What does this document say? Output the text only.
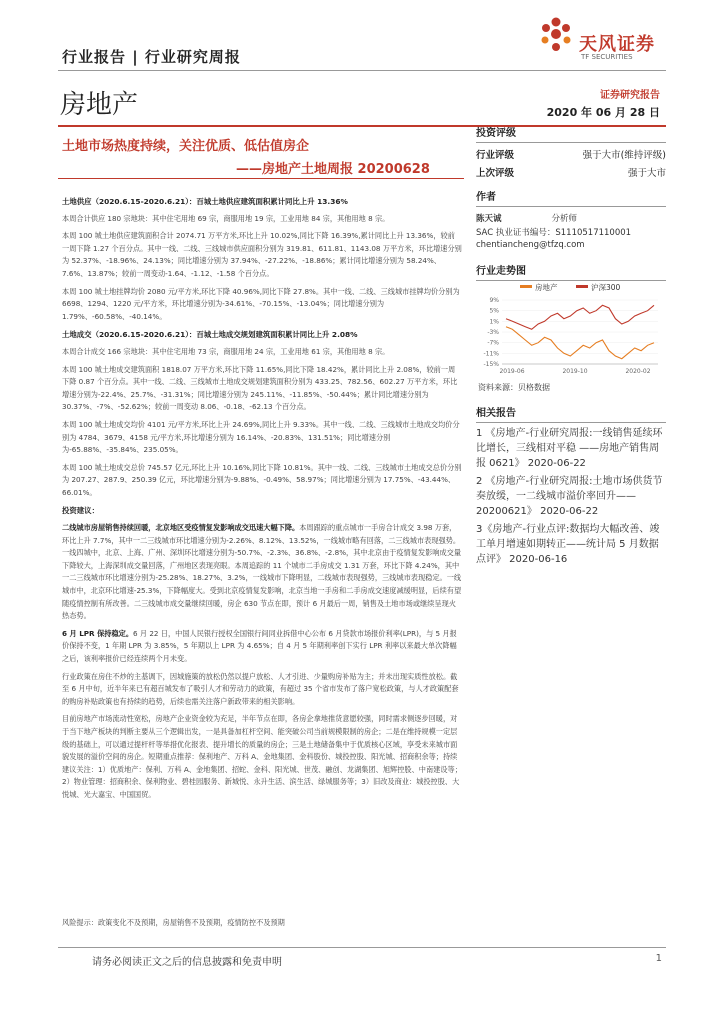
行业报告 | 行业研究周报
天风证券
TF SECURITIES
房地产	证券研究报告
2020 年 06 月 28 日
土地市场热度持续，关注优质、低估值房企
——房地产土地周报 20200628
土地供应（2020.6.15-2020.6.21）：百城土地供应建筑面积累计同比上升 13.36%

本周合计供应 180 宗地块：其中住宅用地 69 宗，商服用地 19 宗，工业用地 84 宗，其他用地 8 宗。

本周 100 城土地供应建筑面积合计 2074.71 万平方米,环比上升 10.02%,同比下降 16.39%,累计同比上升 13.36%，较前一周下降 1.27 个百分点。其中一线、二线、三线城市供应面积分别为 319.81、611.81、1143.08 万平方米，环比增速分别为 52.37%、-18.96%、24.13%；同比增速分别为 37.94%、-27.22%、-18.86%；累计同比增速分别为 58.24%、7.6%、13.87%；较前一周变动-1.64、-1.12、-1.58 个百分点。

本周 100 城土地挂牌均价 2080 元/平方米,环比下降 40.96%,同比下降 27.8%。其中一线、二线、三线城市挂牌均价分别为 6698、1294、1220 元/平方米，环比增速分别为-34.61%、-70.15%、-13.04%；同比增速分别为 1.79%、-60.58%、-40.14%。

土地成交（2020.6.15-2020.6.21）：百城土地成交规划建筑面积累计同比上升 2.08%

本周合计成交 166 宗地块：其中住宅用地 73 宗，商服用地 24 宗，工业用地 61 宗，其他用地 8 宗。

本周 100 城土地成交建筑面积 1818.07 万平方米,环比下降 11.65%,同比下降 18.42%，累计同比上升 2.08%，较前一周下降 0.87 个百分点。其中一线、二线、三线城市土地成交规划建筑面积分别为 433.25、782.56、602.27 万平方米，环比增速分别为-22.4%、25.7%、-31.31%；同比增速分别为 245.11%、-11.85%、-50.44%；累计同比增速分别为 30.37%、-7%、-52.62%；较前一周变动 8.06、-0.18、-62.13 个百分点。

本周 100 城土地成交均价 4101 元/平方米,环比上升 24.69%,同比上升 9.33%。其中一线、二线、三线城市土地成交均价分别为 4784、3679、4158 元/平方米,环比增速分别为 16.14%、-20.83%、131.51%；同比增速分别为-65.88%、-35.84%、235.05%。

本周 100 城土地成交总价 745.57 亿元,环比上升 10.16%,同比下降 10.81%。其中一线、二线、三线城市土地成交总价分别为 207.27、287.9、250.39 亿元，环比增速分别为-9.88%、-0.49%、58.97%；同比增速分别为 17.75%、-43.44%、66.01%。

投资建议：

二线城市房屋销售持续回暖，北京地区受疫情复发影响成交迅速大幅下降。本周跟踪的重点城市一手房合计成交 3.98 万套，环比上升 7.7%，其中一二三线城市环比增速分别为-2.26%、8.12%、13.52%，一线城市略有回落，二三线城市表现强势。一线四城中，北京、上海、广州、深圳环比增速分别为-50.7%、-2.3%、36.8%、-2.8%，其中北京由于疫情复发影响成交量下降较大，上海深圳成交量回落，广州地区表现亮眼。本周追踪的 11 个城市二手房成交 1.31 万套，环比下降 4.24%，其中一二三线城市环比增速分别为-25.28%、18.27%、3.2%，一线城市下降明显，二线城市表现强势，三线城市表现稳定。一线城市中，北京环比增速-25.3%，下降幅度大。受到北京疫情复发影响，北京当地一手房和二手房成交速度减缓明显，后续有望随疫情控制有所改善。二三线城市成交量继续回暖，房企 630 节点在即，预计 6 月最后一周，销售及土地市场或继续呈现火热态势。

6 月 LPR 保持稳定。6 月 22 日，中国人民银行授权全国银行间同业拆借中心公布 6 月贷款市场报价利率(LPR)，与 5 月报价保持不变，1 年期 LPR 为 3.85%，5 年期以上 LPR 为 4.65%；自 4 月 5 年期利率创下实行 LPR 利率以来最大单次降幅之后，该利率报价已经连续两个月未变。

行业政策在房住不炒的主基调下，因城施策的放松仍然以提户放松、人才引进、少量购房补贴为主；并未出现实质性放松。截至 6 月中旬，近半年来已有超百城发布了吸引人才和劳动力的政策，有超过 35 个省市发布了落户宽松政策，与人才政策配套的购房补贴政策也有持续的趋势，后续也需关注落户新政带来的相关影响。

目前房地产市场流动性宽松，房地产企业资金较为充足，半年节点在即，各房企拿地推货意愿较强，同时需求侧逐步回暖，对于当下地产板块的判断主要从三个逻辑出发，一是具备加杠杆空间、能突破公司当前规模限制的房企；二是在维持规模一定层级的基础上，可以通过提杆杆等举措优化报表、提升增长的质量的房企；三是土地储备集中于优质核心区域，享受未来城市面貌发展的溢价空间的房企。短期重点推荐：保利地产、万科 A、金地集团、金科股份、城投控股、阳光城、招商积余等；持续建议关注：1）优质地产：保利、万科 A、金地集团、招蛇、金科、阳光城、世茂、融创、龙湖集团、旭辉控股、中南建设等；2）物业管理：招商积余、保利物业、碧桂园服务、新城悦、永升生活、滨生活、绿城服务等；3）旧改及商业：城投控股、大悦城、光大嘉宝、中国国贸。

风险提示：政策变化不及预期，房屋销售不及预期，疫情防控不及预期
投资评级
行业评级	强于大市(维持评级)
上次评级	强于大市
作者
陈天诚	分析师
SAC 执业证书编号：S1110517110001
chentiancheng@tfzq.com
行业走势图
房地产	沪深300
9%
5%
1%
-3%
-7%
-11%
-15%
2019-06	2019-10	2020-02
资料来源：贝格数据
相关报告
1 《房地产-行业研究周报:一线销售延续环比增长，三线相对平稳 ——房地产销售周报 0621》 2020-06-22
2 《房地产-行业研究周报:土地市场供货节奏放缓，一二线城市溢价率回升——20200621》 2020-06-22
3《房地产-行业点评:数据均大幅改善、竣工单月增速如期转正——统计局 5 月数据点评》 2020-06-16
请务必阅读正文之后的信息披露和免责申明	1
